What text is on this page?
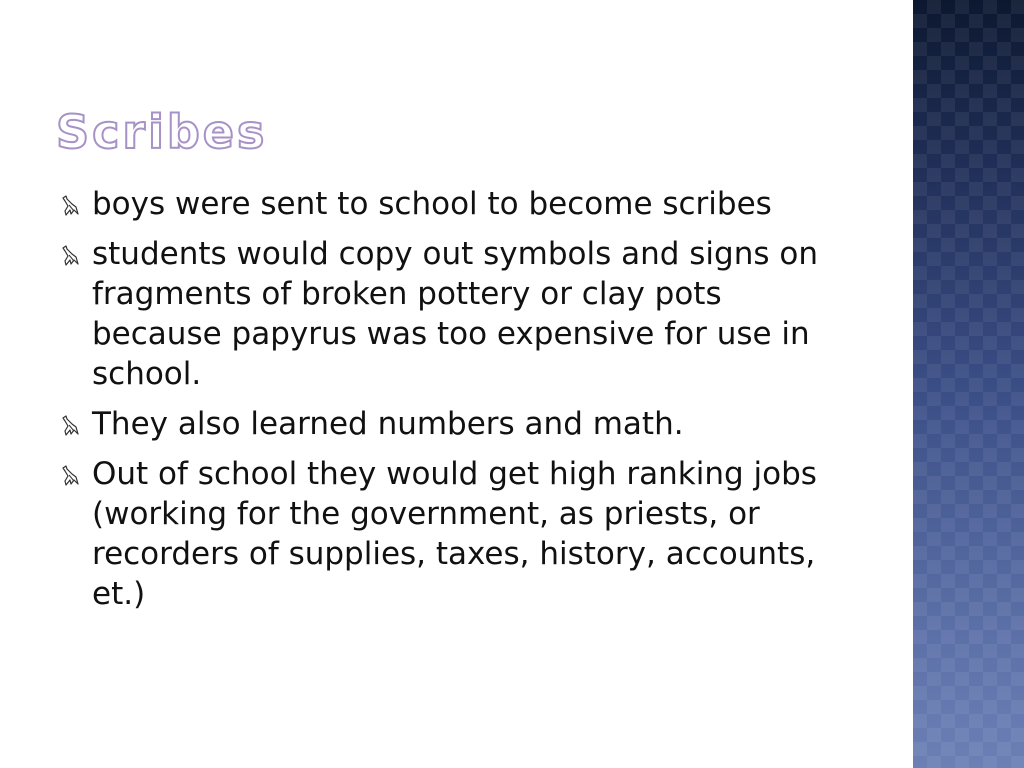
Scribes
boys were sent to school to become scribes
students would copy out symbols and signs on fragments of broken pottery or clay pots because papyrus was too expensive for use in school.
They also learned numbers and math.
Out of school they would get high ranking jobs (working for the government, as priests, or recorders of supplies, taxes, history, accounts, et.)
